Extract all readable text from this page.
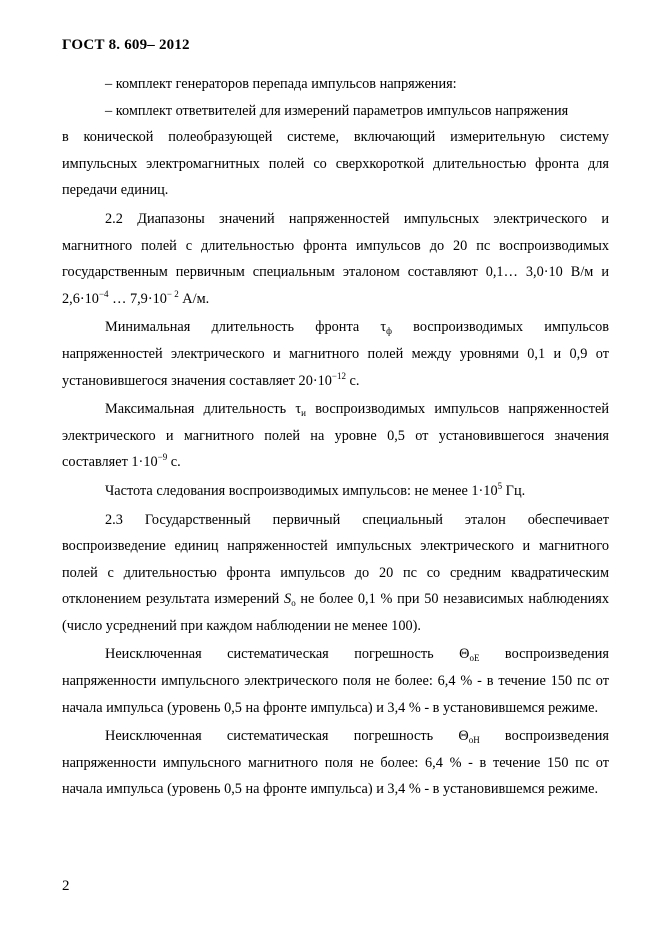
ГОСТ 8. 609– 2012

– комплект генераторов перепада импульсов напряжения:

– комплект ответвителей для измерений параметров импульсов напряжения

в конической полеобразующей системе, включающий измерительную систему импульсных электромагнитных полей со сверхкороткой длительностью фронта для передачи единиц.

2.2 Диапазоны значений напряженностей импульсных электрического и магнитного полей с длительностью фронта импульсов до 20 пс воспроизводимых государственным первичным специальным эталоном составляют 0,1… 3,0·10 В/м и $2,6\cdot 10^{-4}$ … $7,9\cdot 10^{- 2}$ А/м.

Минимальная длительность фронта $\tau_ф$ воспроизводимых импульсов напряженностей электрического и магнитного полей между уровнями 0,1 и 0,9 от установившегося значения составляет $20\cdot 10^{-12}$ с.

Максимальная длительность $\tau_и$ воспроизводимых импульсов напряженностей электрического и магнитного полей на уровне 0,5 от установившегося значения составляет $1\cdot 10^{-9}$ с.

Частота следования воспроизводимых импульсов: не менее $1\cdot 10^5$ Гц.

2.3 Государственный первичный специальный эталон обеспечивает воспроизведение единиц напряженностей импульсных электрического и магнитного полей с длительностью фронта импульсов до 20 пс со средним квадратическим отклонением результата измерений $S_o$ не более 0,1 % при 50 независимых наблюдениях (число усреднений при каждом наблюдении не менее 100).

Неисключенная систематическая погрешность $\Theta_{oE}$ воспроизведения напряженности импульсного электрического поля не более: 6,4 % - в течение 150 пс от начала импульса (уровень 0,5 на фронте импульса) и 3,4 % - в установившемся режиме.

Неисключенная систематическая погрешность $\Theta_{oH}$ воспроизведения напряженности импульсного магнитного поля не более: 6,4 % - в течение 150 пс от начала импульса (уровень 0,5 на фронте импульса) и 3,4 % - в установившемся режиме.

2
